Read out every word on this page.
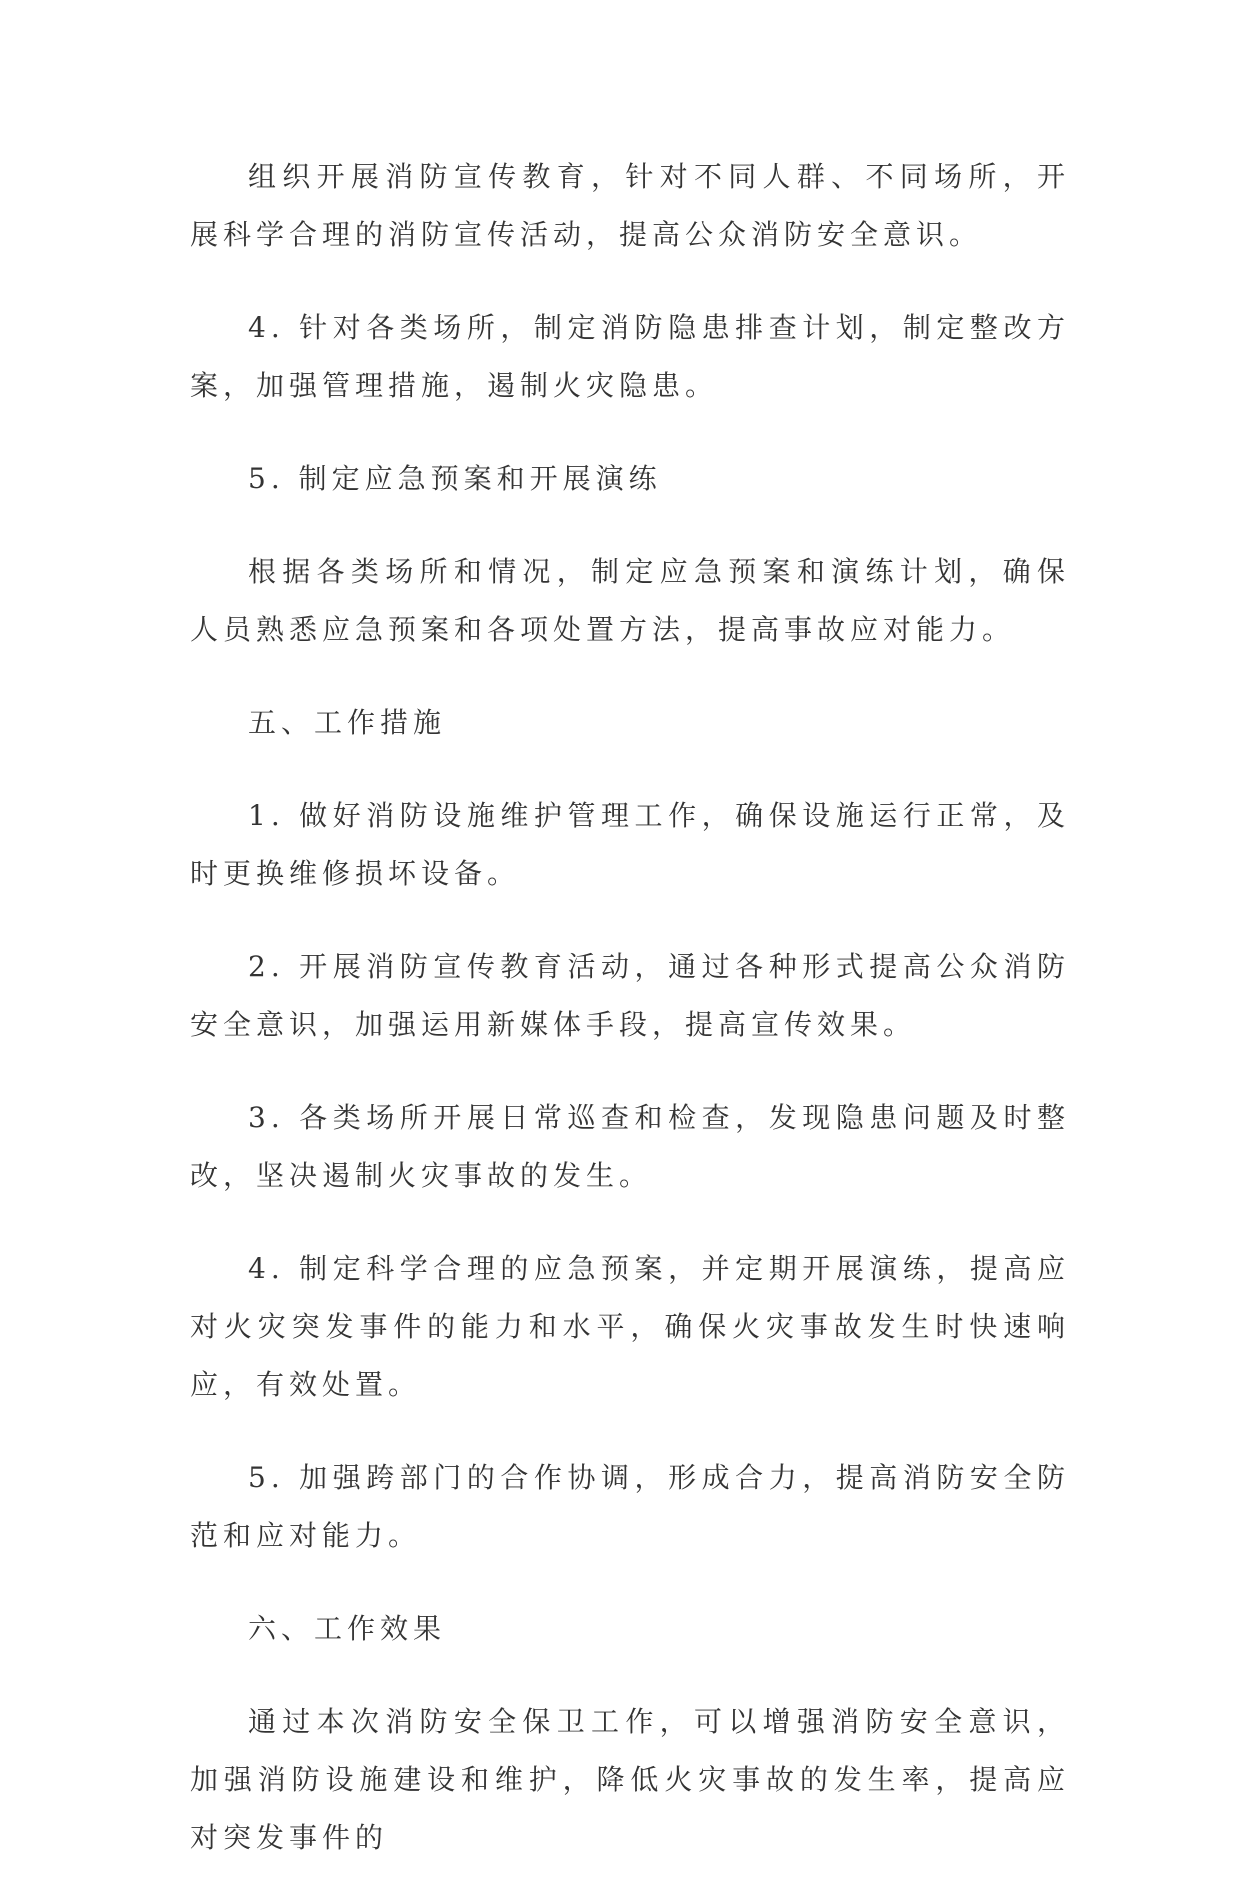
组织开展消防宣传教育，针对不同人群、不同场所，开展科学合理的消防宣传活动，提高公众消防安全意识。

4. 针对各类场所，制定消防隐患排查计划，制定整改方案，加强管理措施，遏制火灾隐患。

5. 制定应急预案和开展演练

根据各类场所和情况，制定应急预案和演练计划，确保人员熟悉应急预案和各项处置方法，提高事故应对能力。

五、工作措施

1. 做好消防设施维护管理工作，确保设施运行正常，及时更换维修损坏设备。

2. 开展消防宣传教育活动，通过各种形式提高公众消防安全意识，加强运用新媒体手段，提高宣传效果。

3. 各类场所开展日常巡查和检查，发现隐患问题及时整改，坚决遏制火灾事故的发生。

4. 制定科学合理的应急预案，并定期开展演练，提高应对火灾突发事件的能力和水平，确保火灾事故发生时快速响应，有效处置。

5. 加强跨部门的合作协调，形成合力，提高消防安全防范和应对能力。

六、工作效果

通过本次消防安全保卫工作，可以增强消防安全意识，加强消防设施建设和维护，降低火灾事故的发生率，提高应对突发事件的
